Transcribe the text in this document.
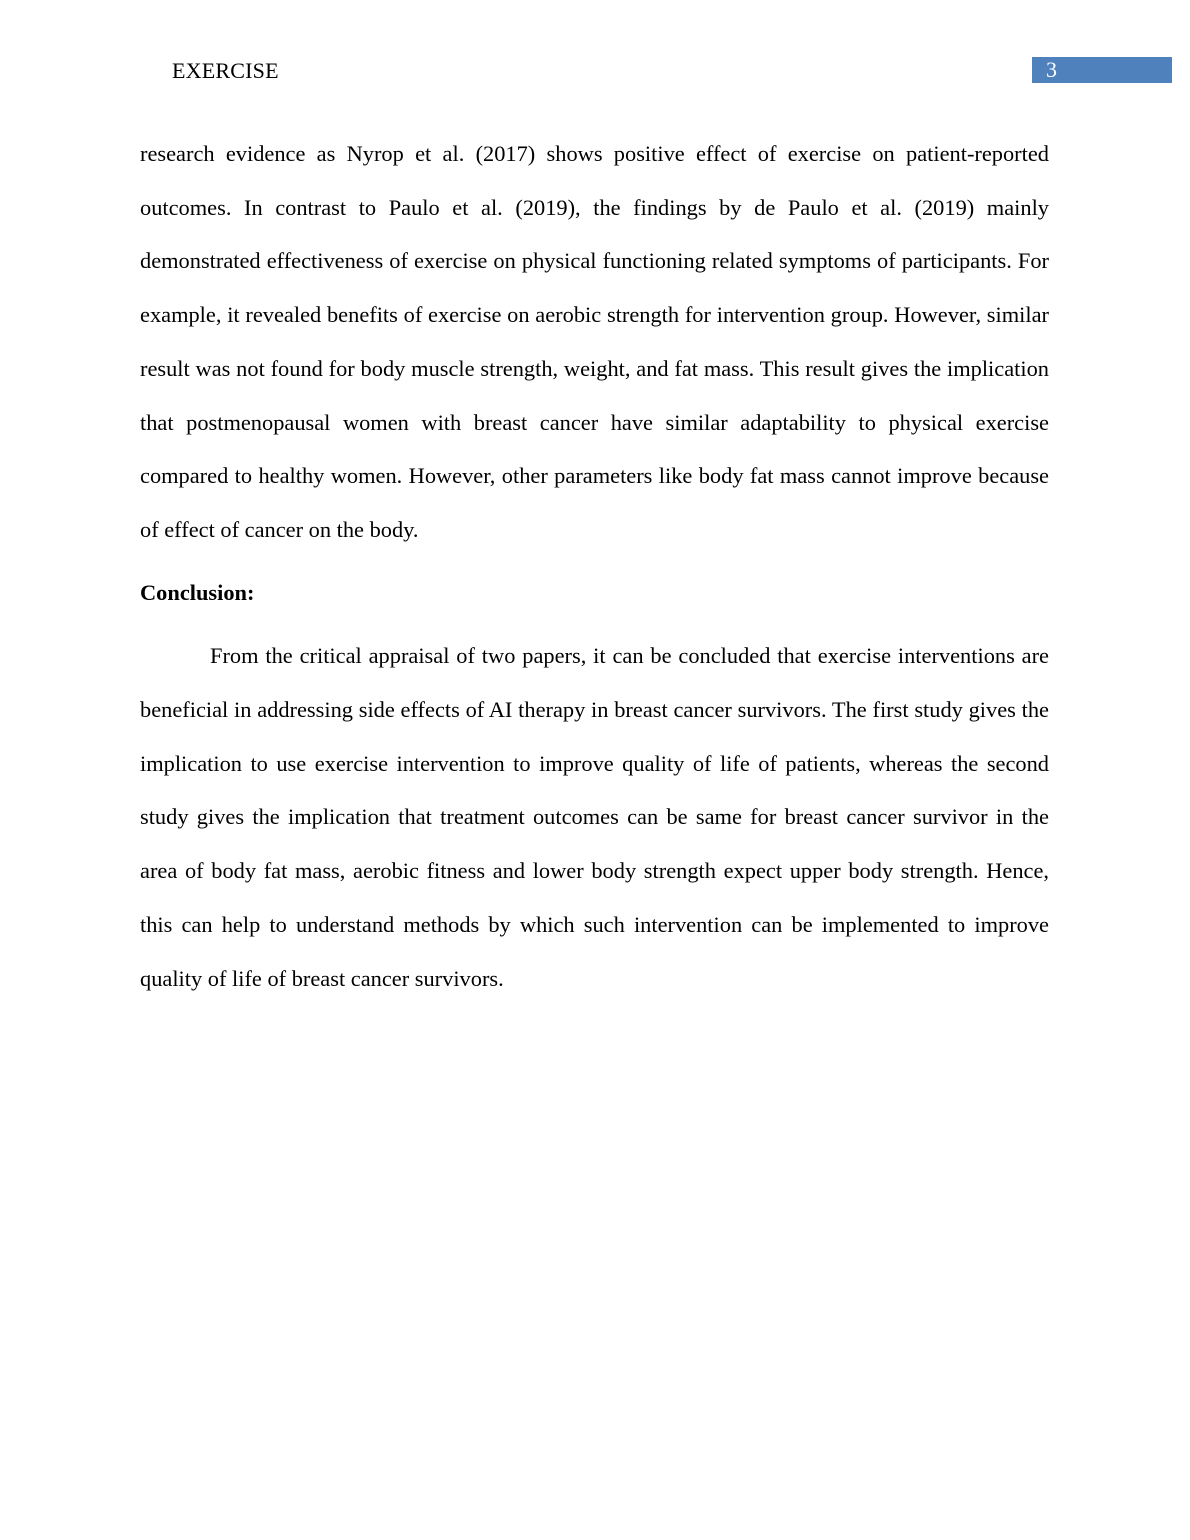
EXERCISE	3

research evidence as Nyrop et al. (2017) shows positive effect of exercise on patient-reported outcomes. In contrast to Paulo et al. (2019), the findings by de Paulo et al. (2019) mainly demonstrated effectiveness of exercise on physical functioning related symptoms of participants. For example, it revealed benefits of exercise on aerobic strength for intervention group. However, similar result was not found for body muscle strength, weight, and fat mass. This result gives the implication that postmenopausal women with breast cancer have similar adaptability to physical exercise compared to healthy women. However, other parameters like body fat mass cannot improve because of effect of cancer on the body.

Conclusion:

From the critical appraisal of two papers, it can be concluded that exercise interventions are beneficial in addressing side effects of AI therapy in breast cancer survivors. The first study gives the implication to use exercise intervention to improve quality of life of patients, whereas the second study gives the implication that treatment outcomes can be same for breast cancer survivor in the area of body fat mass, aerobic fitness and lower body strength expect upper body strength. Hence, this can help to understand methods by which such intervention can be implemented to improve quality of life of breast cancer survivors.
